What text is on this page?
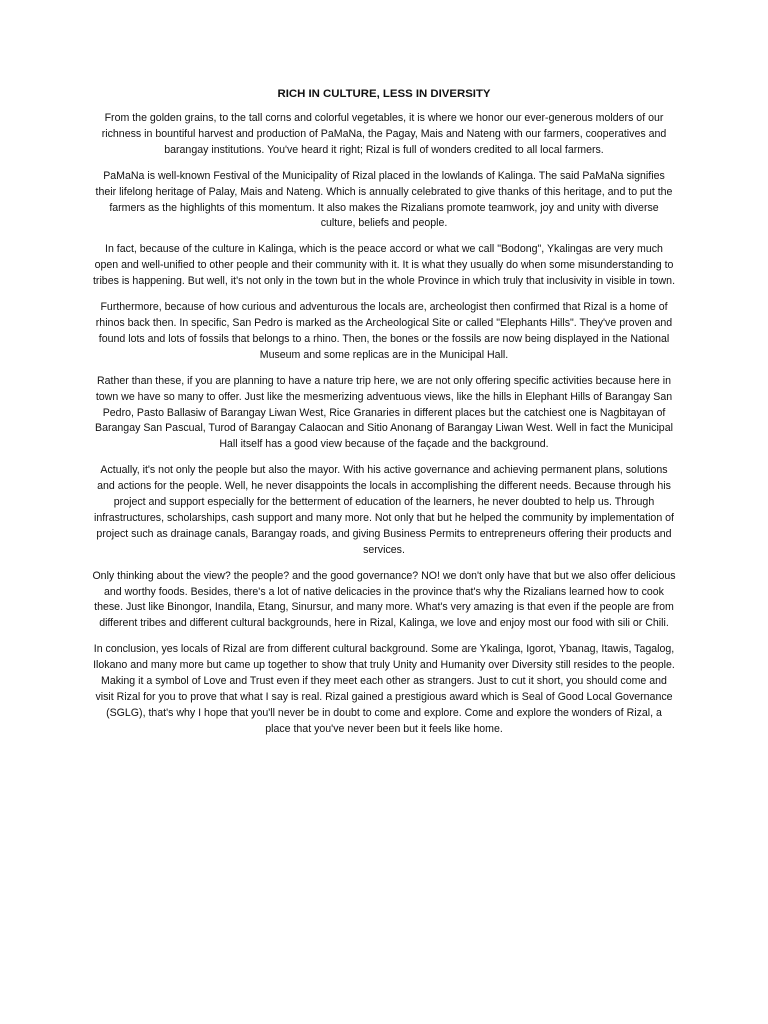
RICH IN CULTURE, LESS IN DIVERSITY

From the golden grains, to the tall corns and colorful vegetables, it is where we honor our ever-generous molders of our richness in bountiful harvest and production of PaMaNa, the Pagay, Mais and Nateng with our farmers, cooperatives and barangay institutions. You've heard it right; Rizal is full of wonders credited to all local farmers.

PaMaNa is well-known Festival of the Municipality of Rizal placed in the lowlands of Kalinga. The said PaMaNa signifies their lifelong heritage of Palay, Mais and Nateng. Which is annually celebrated to give thanks of this heritage, and to put the farmers as the highlights of this momentum. It also makes the Rizalians promote teamwork, joy and unity with diverse culture, beliefs and people.

In fact, because of the culture in Kalinga, which is the peace accord or what we call "Bodong", Ykalingas are very much open and well-unified to other people and their community with it. It is what they usually do when some misunderstanding to tribes is happening. But well, it's not only in the town but in the whole Province in which truly that inclusivity in visible in town.

Furthermore, because of how curious and adventurous the locals are, archeologist then confirmed that Rizal is a home of rhinos back then. In specific, San Pedro is marked as the Archeological Site or called "Elephants Hills". They've proven and found lots and lots of fossils that belongs to a rhino. Then, the bones or the fossils are now being displayed in the National Museum and some replicas are in the Municipal Hall.

Rather than these, if you are planning to have a nature trip here, we are not only offering specific activities because here in town we have so many to offer. Just like the mesmerizing adventuous views, like the hills in Elephant Hills of Barangay San Pedro, Pasto Ballasiw of Barangay Liwan West, Rice Granaries in different places but the catchiest one is Nagbitayan of Barangay San Pascual, Turod of Barangay Calaocan and Sitio Anonang of Barangay Liwan West. Well in fact the Municipal Hall itself has a good view because of the façade and the background.

Actually, it's not only the people but also the mayor. With his active governance and achieving permanent plans, solutions and actions for the people. Well, he never disappoints the locals in accomplishing the different needs. Because through his project and support especially for the betterment of education of the learners, he never doubted to help us. Through infrastructures, scholarships, cash support and many more. Not only that but he helped the community by implementation of project such as drainage canals, Barangay roads, and giving Business Permits to entrepreneurs offering their products and services.

Only thinking about the view? the people? and the good governance? NO! we don't only have that but we also offer delicious and worthy foods. Besides, there's a lot of native delicacies in the province that's why the Rizalians learned how to cook these. Just like Binongor, Inandila, Etang, Sinursur, and many more. What's very amazing is that even if the people are from different tribes and different cultural backgrounds, here in Rizal, Kalinga, we love and enjoy most our food with sili or Chili.

In conclusion, yes locals of Rizal are from different cultural background. Some are Ykalinga, Igorot, Ybanag, Itawis, Tagalog, Ilokano and many more but came up together to show that truly Unity and Humanity over Diversity still resides to the people. Making it a symbol of Love and Trust even if they meet each other as strangers. Just to cut it short, you should come and visit Rizal for you to prove that what I say is real. Rizal gained a prestigious award which is Seal of Good Local Governance (SGLG), that's why I hope that you'll never be in doubt to come and explore. Come and explore the wonders of Rizal, a place that you've never been but it feels like home.
